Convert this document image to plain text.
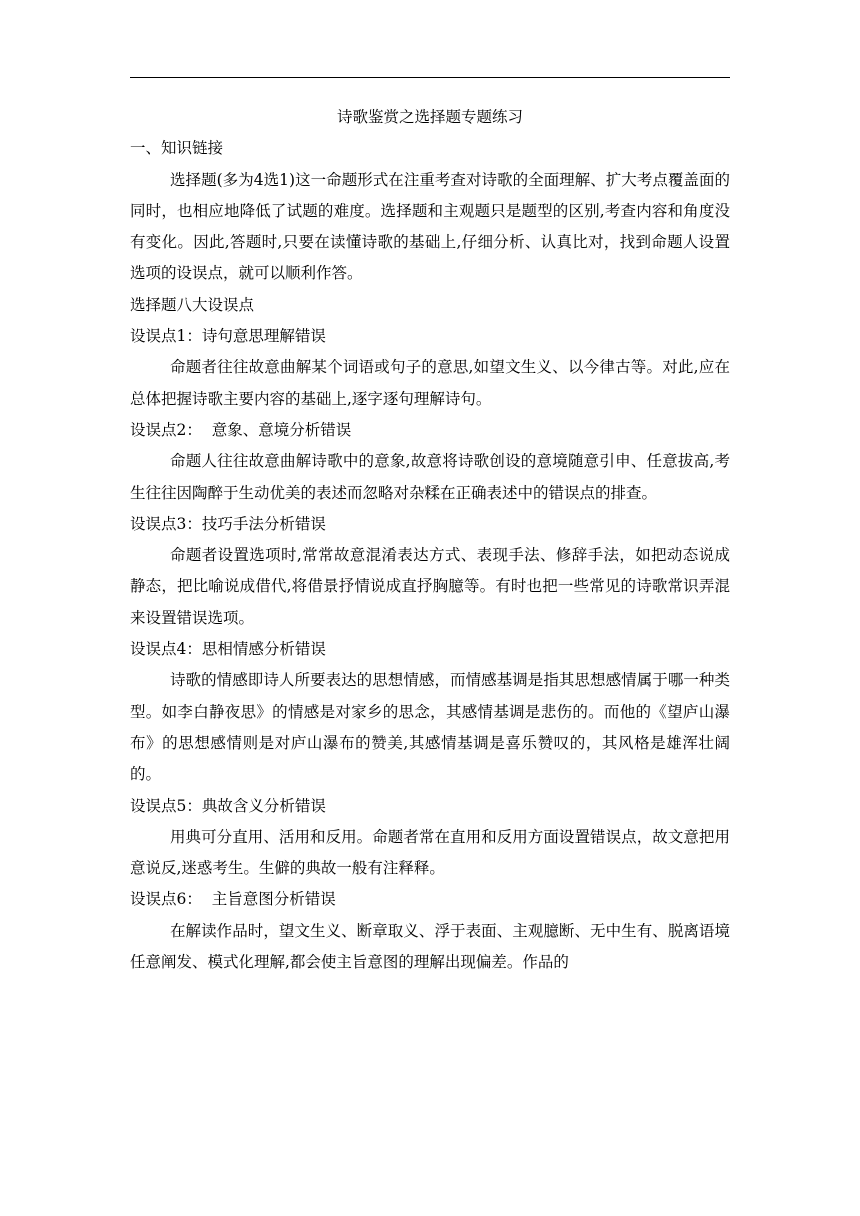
诗歌鉴赏之选择题专题练习

一、知识链接

选择题(多为4选1)这一命题形式在注重考查对诗歌的全面理解、扩大考点覆盖面的同时，也相应地降低了试题的难度。选择题和主观题只是题型的区别,考查内容和角度没有变化。因此,答题时,只要在读懂诗歌的基础上,仔细分析、认真比对，找到命题人设置选项的设误点，就可以顺利作答。

选择题八大设误点

设误点1：诗句意思理解错误

命题者往往故意曲解某个词语或句子的意思,如望文生义、以今律古等。对此,应在总体把握诗歌主要内容的基础上,逐字逐句理解诗句。

设误点2：  意象、意境分析错误

命题人往往故意曲解诗歌中的意象,故意将诗歌创设的意境随意引申、任意拔高,考生往往因陶醉于生动优美的表述而忽略对杂糅在正确表述中的错误点的排查。

设误点3：技巧手法分析错误

命题者设置选项时,常常故意混淆表达方式、表现手法、修辞手法，如把动态说成静态，把比喻说成借代,将借景抒情说成直抒胸臆等。有时也把一些常见的诗歌常识弄混来设置错误选项。

设误点4：思相情感分析错误

诗歌的情感即诗人所要表达的思想情感，而情感基调是指其思想感情属于哪一种类型。如李白静夜思》的情感是对家乡的思念，其感情基调是悲伤的。而他的《望庐山瀑布》的思想感情则是对庐山瀑布的赞美,其感情基调是喜乐赞叹的，其风格是雄浑壮阔的。

设误点5：典故含义分析错误

用典可分直用、活用和反用。命题者常在直用和反用方面设置错误点，故文意把用意说反,迷惑考生。生僻的典故一般有注释释。

设误点6：  主旨意图分析错误

在解读作品时，望文生义、断章取义、浮于表面、主观臆断、无中生有、脱离语境任意阐发、模式化理解,都会使主旨意图的理解出现偏差。作品的
